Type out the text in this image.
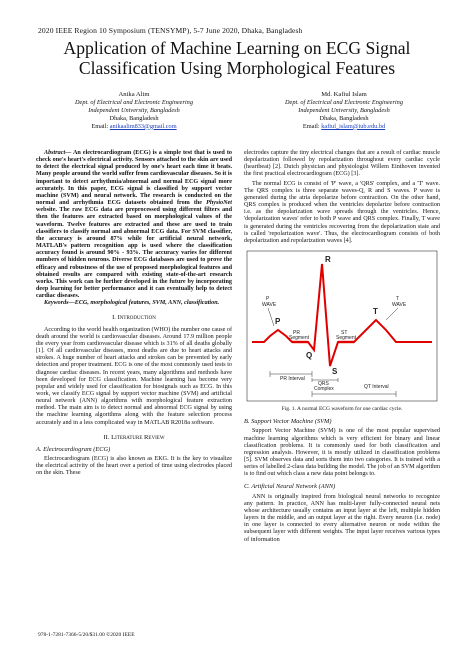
2020 IEEE Region 10 Symposium (TENSYMP), 5-7 June 2020, Dhaka, Bangladesh
Application of Machine Learning on ECG Signal
Classification Using Morphological Features
Anika Alim
Dept. of Electrical and Electronic Engineering
Independent University, Bangladesh
Dhaka, Bangladesh
Email: anikaalim833@gmail.com
Md. Kafiul Islam
Dept. of Electrical and Electronic Engineering
Independent University, Bangladesh
Dhaka, Bangladesh
Email: kafiul_islam@iub.edu.bd

Abstract— An electrocardiogram (ECG) is a simple test that is used to check one's heart's electrical activity. Sensors attached to the skin are used to detect the electrical signal produced by one's heart each time it beats. Many people around the world suffer from cardiovascular diseases. So it is important to detect arrhythmia/abnormal and normal ECG signal more accurately. In this paper, ECG signal is classified by support vector machine (SVM) and neural network. The research is conducted on the normal and arrhythmia ECG datasets obtained from the PhysioNet website. The raw ECG data are preprocessed using different filters and then the features are extracted based on morphological values of the waveform. Twelve features are extracted and these are used to train classifiers to classify normal and abnormal ECG data. For SVM classifier, the accuracy is around 87% while for artificial neural network, MATLAB's pattern recognition app is used where the classification accuracy found is around 90% - 93%. The accuracy varies for different numbers of hidden neurons. Diverse ECG databases are used to prove the efficacy and robustness of the use of proposed morphological features and obtained results are compared with existing state-of-the-art research works. This work can be further developed in the future by incorporating deep learning for better performance and it can eventually help to detect cardiac diseases.

Keywords—ECG, morphological features, SVM, ANN, classification.

I. Introduction

According to the world health organization (WHO) the number one cause of death around the world is cardiovascular diseases. Around 17.9 million people die every year from cardiovascular disease which is 31% of all deaths globally [1]. Of all cardiovascular diseases, most deaths are due to heart attacks and strokes. A huge number of heart attacks and strokes can be prevented by early detection and proper treatment. ECG is one of the most commonly used tests to diagnose cardiac diseases. In recent years, many algorithms and methods have been developed for ECG classification. Machine learning has become very popular and widely used for classification for biosignals such as ECG. In this work, we classify ECG signal by support vector machine (SVM) and artificial neural network (ANN) algorithms with morphological feature extraction method. The main aim is to detect normal and abnormal ECG signal by using the machine learning algorithms along with the feature selection process accurately and in a less complicated way in MATLAB R2018a software.

II. Literature Review
A. Electrocardiogram (ECG)

Electrocardiogram (ECG) is also known as EKG. It is the key to visualize the electrical activity of the heart over a period of time using electrodes placed on the skin. These

electrodes capture the tiny electrical changes that are a result of cardiac muscle depolarization followed by repolarization throughout every cardiac cycle (heartbeat) [2]. Dutch physician and physiologist Willem Einthoven invented the first practical electrocardiogram (ECG) [3].

The normal ECG is consist of 'P' wave, a 'QRS' complex, and a 'T' wave. The QRS complex is three separate waves-Q, R and S waves. P wave is generated during the atria depolarize before contraction. On the other hand, QRS complex is produced when the ventricles depolarize before contraction i.e. as the depolarization wave spreads through the ventricles. Hence, 'depolarization waves' refer to both P wave and QRS complex. Finally, T wave is generated during the ventricles recovering from the depolarization state and is called 'repolarization wave'. Thus, the electrocardiogram consists of both depolarization and repolarization waves [4].

R
P
Q
S
T
P WAVE
T WAVE
PR Segment
ST Segment
PR Interval
QRS Complex	QT Interval
Fig. 1. A normal ECG waveform for one cardiac cycle.
B. Support Vector Machine (SVM)

Support Vector Machine (SVM) is one of the most popular supervised machine learning algorithms which is very efficient for binary and linear classification problems. It is commonly used for both classification and regression analysis. However, it is mostly utilized in classification problems [5]. SVM observes data and sorts them into two categories. It is trained with a series of labelled 2-class data building the model. The job of an SVM algorithm is to find out which class a new data point belongs to.

C. Artificial Neural Network (ANN)

ANN is originally inspired from biological neural networks to recognize any pattern. In practice, ANN has multi-layer fully-connected neural nets whose architecture usually contains an input layer at the left, multiple hidden layers in the middle, and an output layer at the right. Every neuron (i.e. node) in one layer is connected to every alternative neuron or node within the subsequent layer with different weights. The input layer receives various types of information

978-1-7281-7366-5/20/$31.00 ©2020 IEEE
